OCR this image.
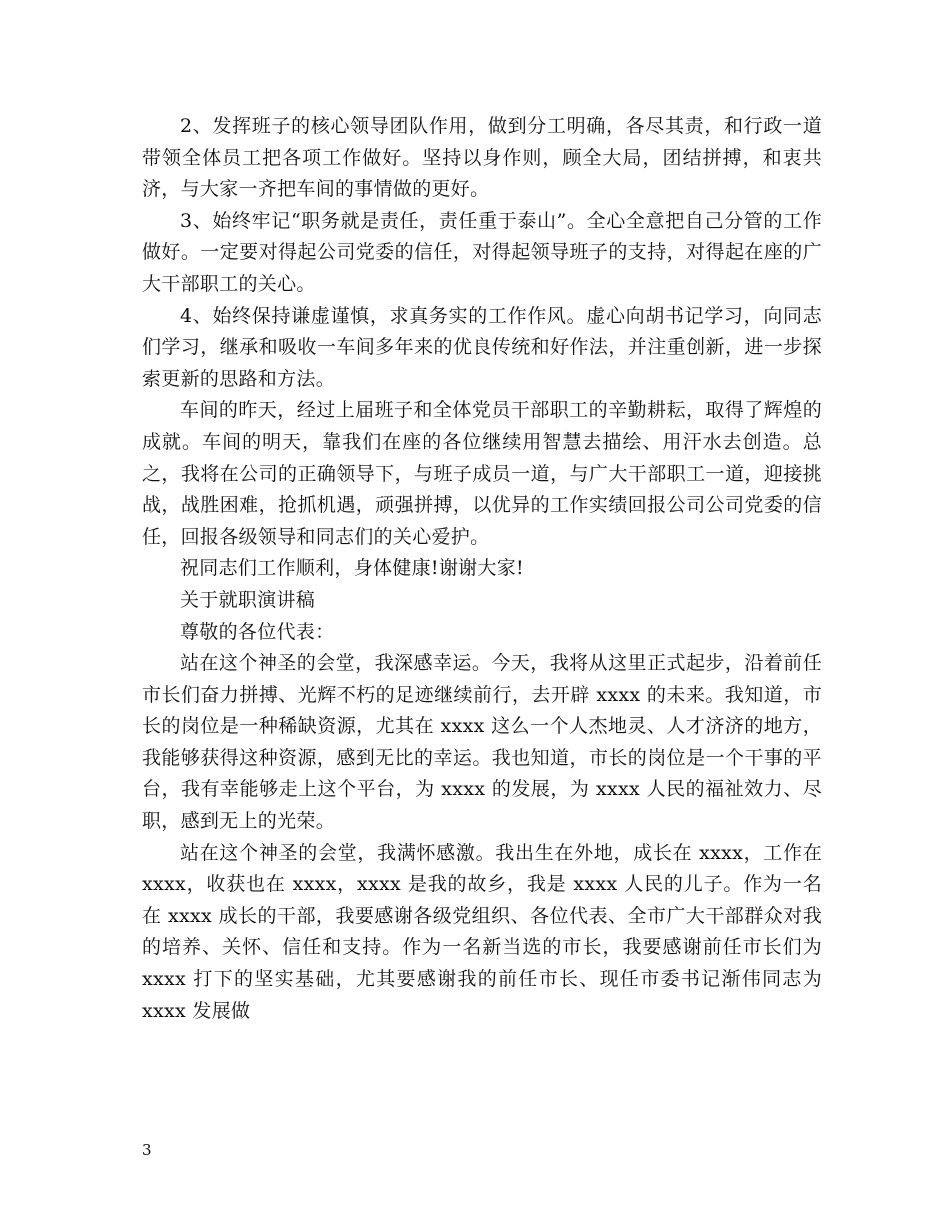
2、发挥班子的核心领导团队作用，做到分工明确，各尽其责，和行政一道带领全体员工把各项工作做好。坚持以身作则，顾全大局，团结拼搏，和衷共济，与大家一齐把车间的事情做的更好。

3、始终牢记“职务就是责任，责任重于泰山”。全心全意把自己分管的工作做好。一定要对得起公司党委的信任，对得起领导班子的支持，对得起在座的广大干部职工的关心。

4、始终保持谦虚谨慎，求真务实的工作作风。虚心向胡书记学习，向同志们学习，继承和吸收一车间多年来的优良传统和好作法，并注重创新，进一步探索更新的思路和方法。

车间的昨天，经过上届班子和全体党员干部职工的辛勤耕耘，取得了辉煌的成就。车间的明天，靠我们在座的各位继续用智慧去描绘、用汗水去创造。总之，我将在公司的正确领导下，与班子成员一道，与广大干部职工一道，迎接挑战，战胜困难，抢抓机遇，顽强拼搏，以优异的工作实绩回报公司公司党委的信任，回报各级领导和同志们的关心爱护。

祝同志们工作顺利，身体健康!谢谢大家!

关于就职演讲稿

尊敬的各位代表：

站在这个神圣的会堂，我深感幸运。今天，我将从这里正式起步，沿着前任市长们奋力拼搏、光辉不朽的足迹继续前行，去开辟 xxxx 的未来。我知道，市长的岗位是一种稀缺资源，尤其在 xxxx 这么一个人杰地灵、人才济济的地方，我能够获得这种资源，感到无比的幸运。我也知道，市长的岗位是一个干事的平台，我有幸能够走上这个平台，为 xxxx 的发展，为 xxxx 人民的福祉效力、尽职，感到无上的光荣。

站在这个神圣的会堂，我满怀感激。我出生在外地，成长在 xxxx，工作在 xxxx，收获也在 xxxx，xxxx 是我的故乡，我是 xxxx 人民的儿子。作为一名在 xxxx 成长的干部，我要感谢各级党组织、各位代表、全市广大干部群众对我的培养、关怀、信任和支持。作为一名新当选的市长，我要感谢前任市长们为 xxxx 打下的坚实基础，尤其要感谢我的前任市长、现任市委书记渐伟同志为 xxxx 发展做

3
